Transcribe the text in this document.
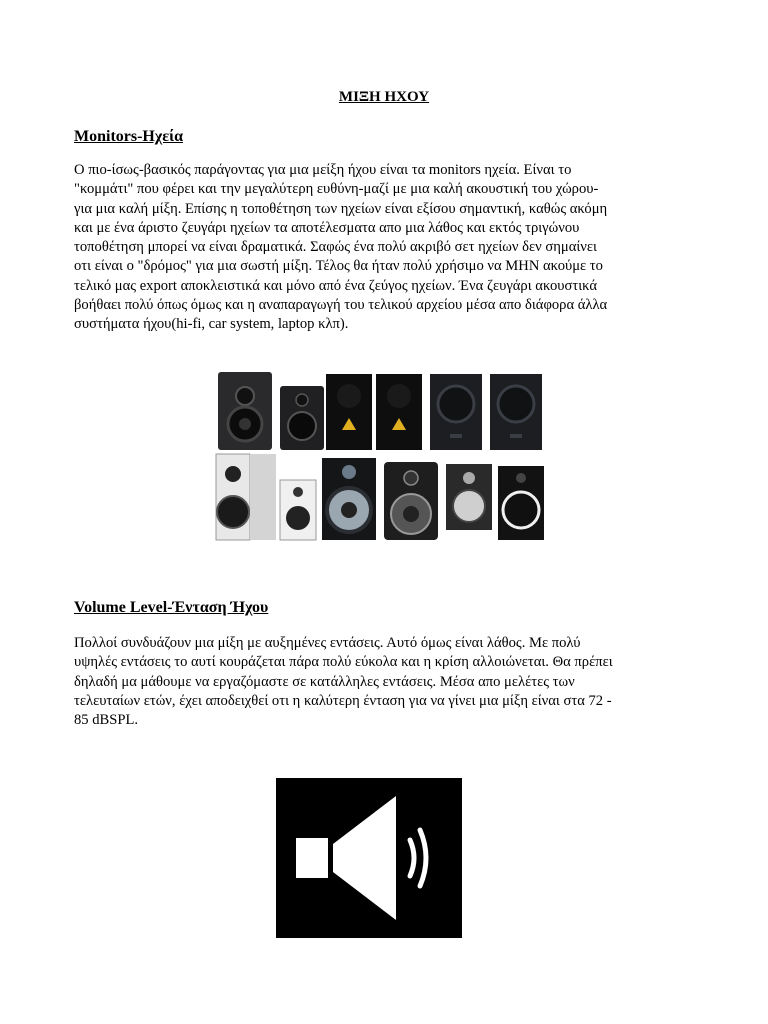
ΜΙΞΗ ΗΧΟΥ
Monitors-Ηχεία

Ο πιο-ίσως-βασικός παράγοντας για μια μείξη ήχου είναι τα monitors ηχεία. Είναι το

"κομμάτι" που φέρει και την μεγαλύτερη ευθύνη-μαζί με μια καλή ακουστική του χώρου-

για μια καλή μίξη. Επίσης η τοποθέτηση των ηχείων είναι εξίσου σημαντική, καθώς ακόμη

και με ένα άριστο ζευγάρι ηχείων τα αποτέλεσματα απο μια λάθος και εκτός τριγώνου

τοποθέτηση μπορεί να είναι δραματικά. Σαφώς ένα πολύ ακριβό σετ ηχείων δεν σημαίνει

οτι είναι ο "δρόμος" για μια σωστή μίξη. Τέλος θα ήταν πολύ χρήσιμο να ΜΗΝ ακούμε το

τελικό μας export αποκλειστικά και μόνο από ένα ζεύγος ηχείων. Ένα ζευγάρι ακουστικά

βοήθαει πολύ όπως όμως και η αναπαραγωγή του τελικού αρχείου μέσα απο διάφορα άλλα

συστήματα ήχου(hi-fi, car system, laptop κλπ).

Volume Level-Ένταση Ήχου

Πολλοί συνδυάζουν μια μίξη με αυξημένες εντάσεις. Αυτό όμως είναι λάθος. Με πολύ

υψηλές εντάσεις το αυτί κουράζεται πάρα πολύ εύκολα και η κρίση αλλοιώνεται. Θα πρέπει

δηλαδή μα μάθουμε να εργαζόμαστε σε κατάλληλες εντάσεις. Μέσα απο μελέτες των

τελευταίων ετών, έχει αποδειχθεί οτι η καλύτερη ένταση για να γίνει μια μίξη είναι στα 72 -

85 dBSPL.
